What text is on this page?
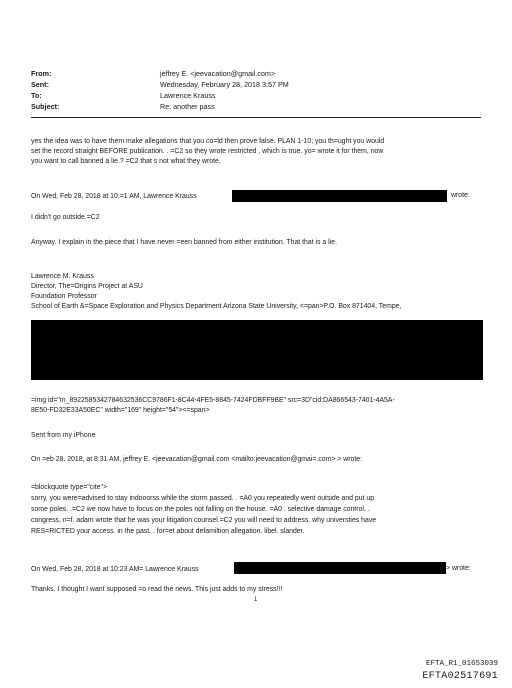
From:	jeffrey E. <jeevacation@gmail.com>
Sent:	Wednesday, February 28, 2018 3:57 PM
To:	Lawrence Krauss
Subject:	Re: another pass
yes the idea was to have them make allegations that you co=ld then prove false. PLAN 1-10; you th=ught you would
set the record straight BEFORE publication. . =C2 so they wrote restricted , which is true. yo= wrote it for them, now
you want to call banned a lie.? =C2 that s not what they wrote,
On Wed, Feb 28, 2018 at 10:=1 AM, Lawrence Krauss	wrote:
I didn't go outside.=C2
Anyway. I explain in the piece that I have never =een banned from either institution. That that is a lie.
Lawrence M. Krauss
Director, The=Origins Project at ASU
Foundation Professor
School of Earth &=Space Exploration and Physics Department Arizona State University, <=pan>P.O. Box 871404, Tempe,
=img id="m_8922585342784632536CC9786F1-8C44-4FE5-8845-7424FDBFF9BE" src=3D"cid:DA866543-7401-4A5A-
8E50-FD32E33A50EC" width="169" height="54"><=span>
Sent from my iPhone
On =eb 28, 2018, at 8:31 AM, jeffrey E. <jeevacation@gmail.com <mailto:jeevacation@gmai=.com> > wrote:
=blockquote type="cite">
sorry, you were=advised to stay indooorss while the storm passed. . =A0 you repeatedly went outside and put up
some poles. .=C2 we now have to focus on the poles not falling on the house. =A0 . selective damage control. .
congress, n=f. adam wrote that he was your litigation counsel.=C2 you will need to address. why universties have
RES=RICTED your access. in the past. . for=et about defamiltion allegation. libel. slander.
On Wed, Feb 28, 2018 at 10:23 AM= Lawrence Krauss	> wrote:
Thanks. I thought I want supposed =o read the news. This just adds to my stress!!!
1
EFTA_R1_01653039
EFTA02517691
